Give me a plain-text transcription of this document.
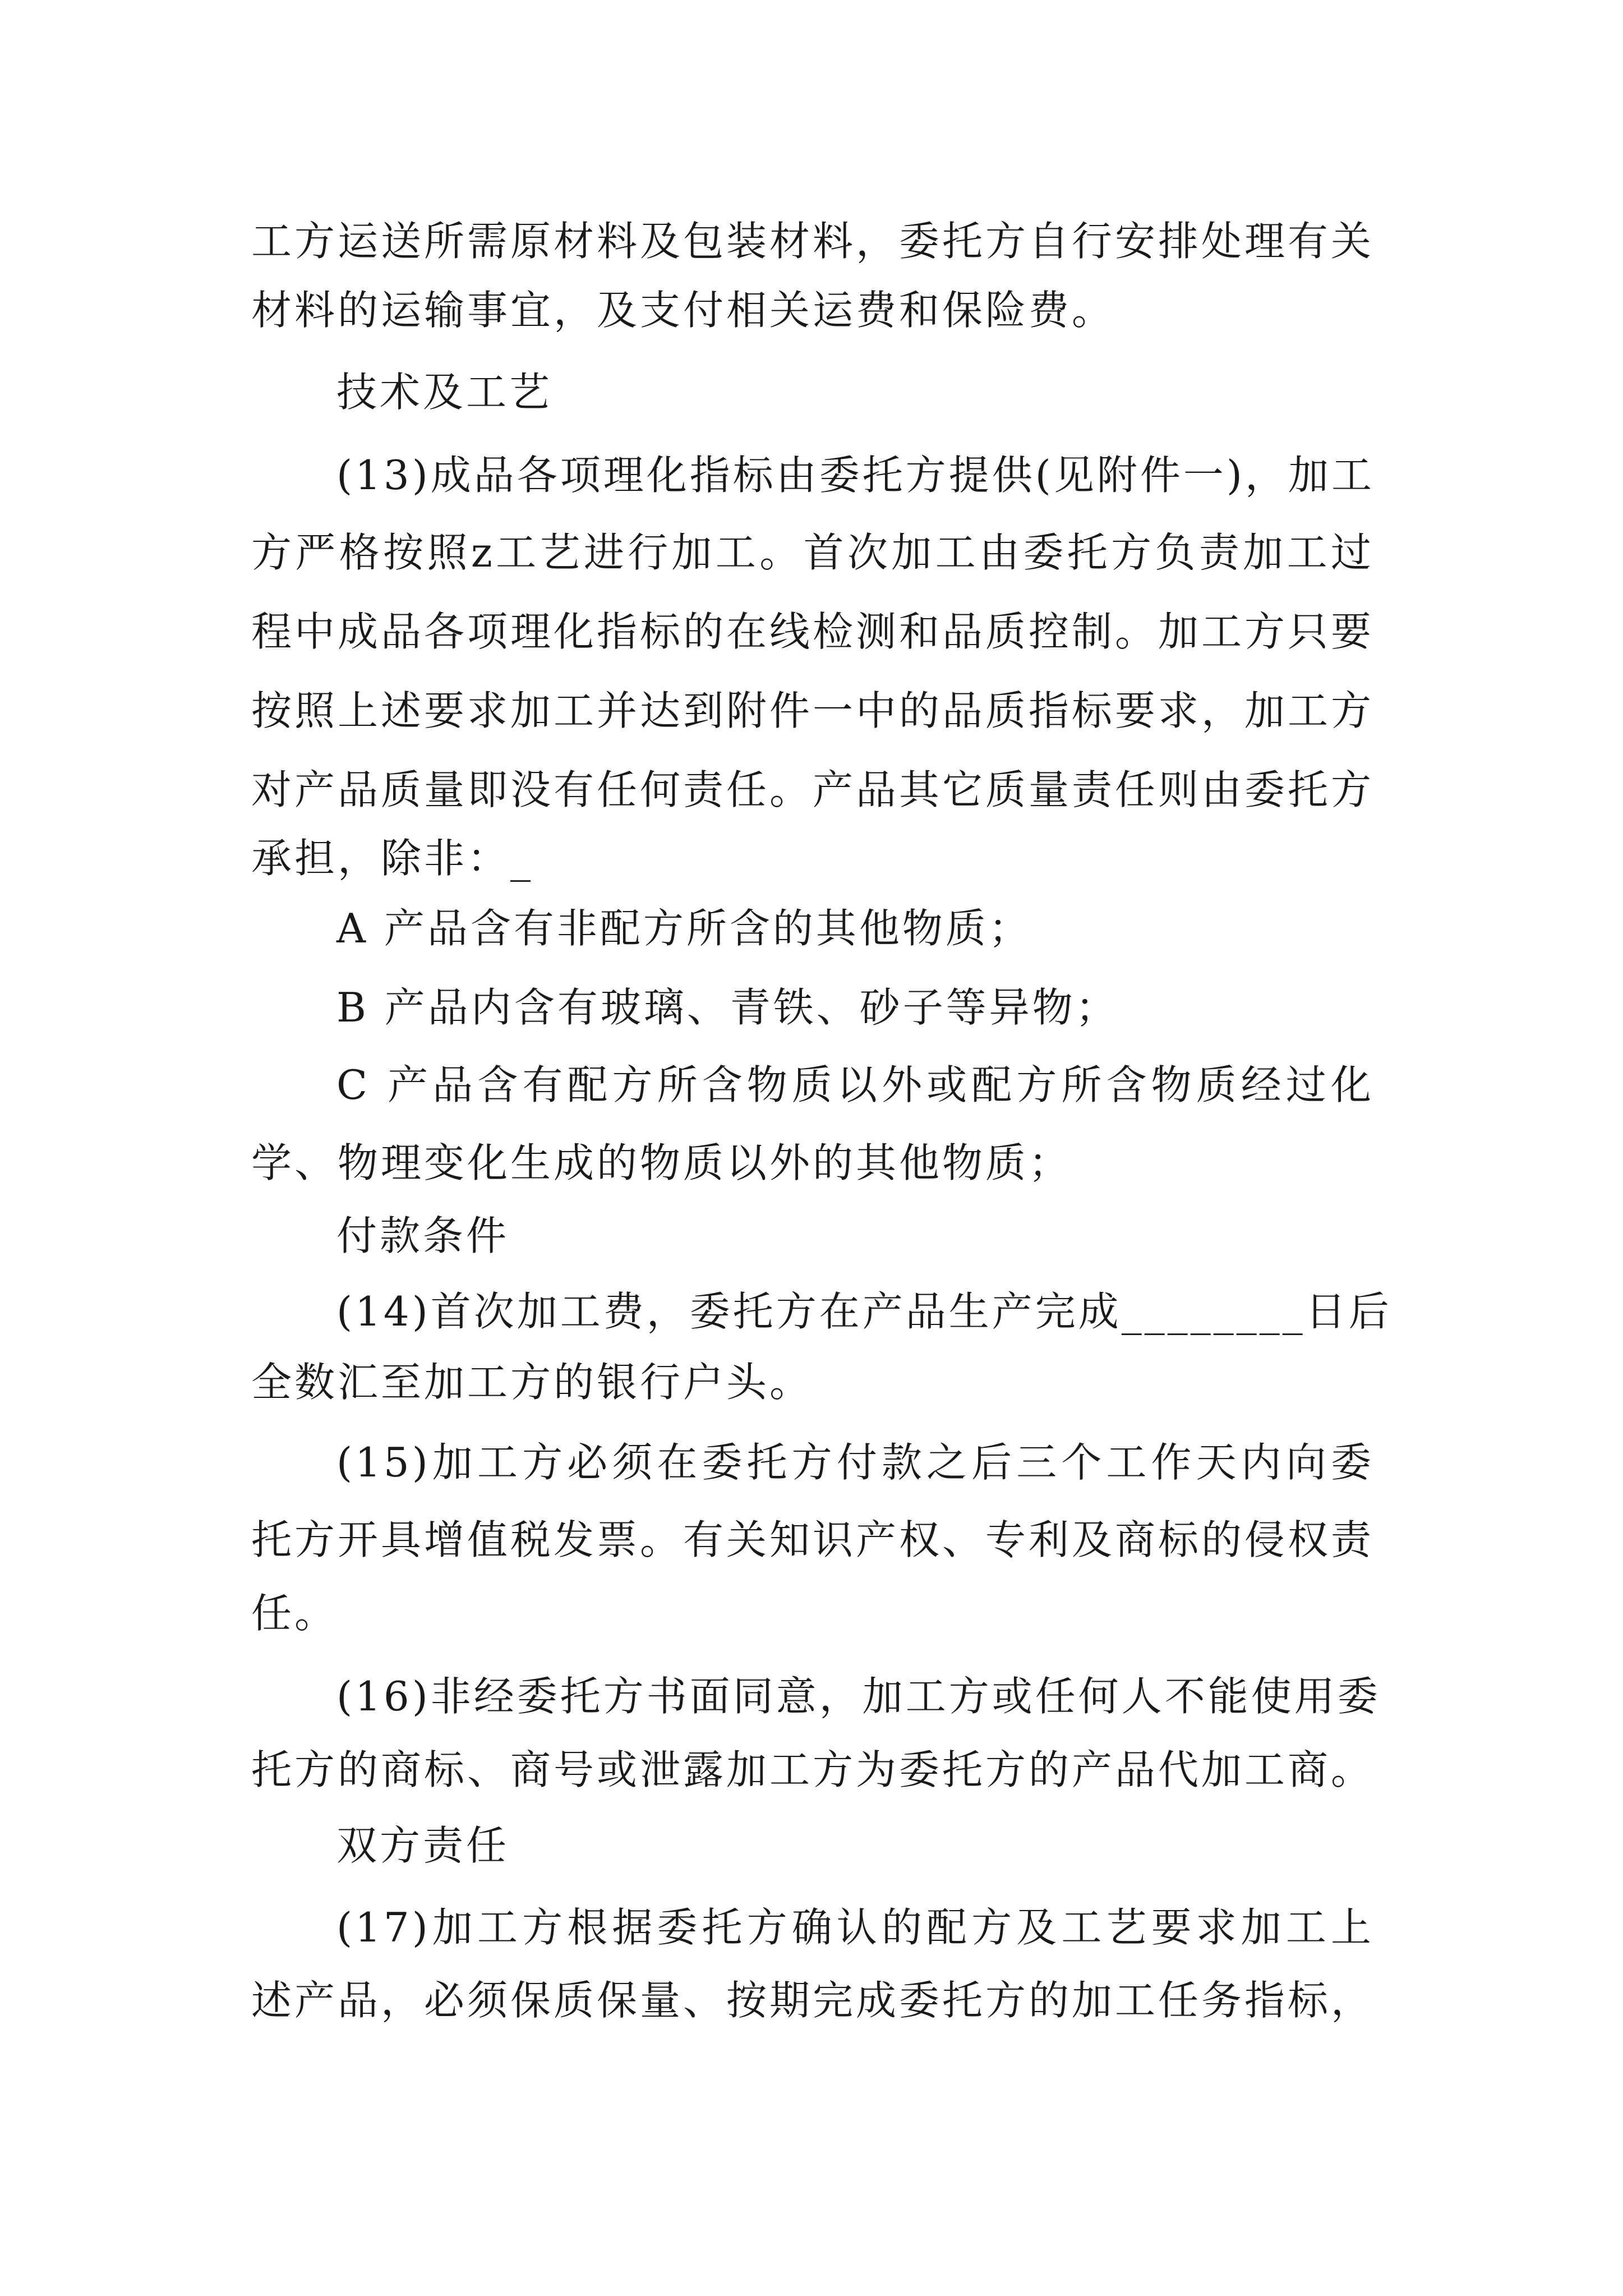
工方运送所需原材料及包装材料，委托方自行安排处理有关
材料的运输事宜，及支付相关运费和保险费。
技术及工艺
(13)成品各项理化指标由委托方提供(见附件一)，加工
方严格按照z工艺进行加工。首次加工由委托方负责加工过
程中成品各项理化指标的在线检测和品质控制。加工方只要
按照上述要求加工并达到附件一中的品质指标要求，加工方
对产品质量即没有任何责任。产品其它质量责任则由委托方
承担，除非：_
A 产品含有非配方所含的其他物质；
B 产品内含有玻璃、青铁、砂子等异物；
C 产品含有配方所含物质以外或配方所含物质经过化
学、物理变化生成的物质以外的其他物质；
付款条件
(14)首次加工费，委托方在产品生产完成________日后
全数汇至加工方的银行户头。
(15)加工方必须在委托方付款之后三个工作天内向委
托方开具增值税发票。有关知识产权、专利及商标的侵权责
任。
(16)非经委托方书面同意，加工方或任何人不能使用委
托方的商标、商号或泄露加工方为委托方的产品代加工商。
双方责任
(17)加工方根据委托方确认的配方及工艺要求加工上
述产品，必须保质保量、按期完成委托方的加工任务指标，
